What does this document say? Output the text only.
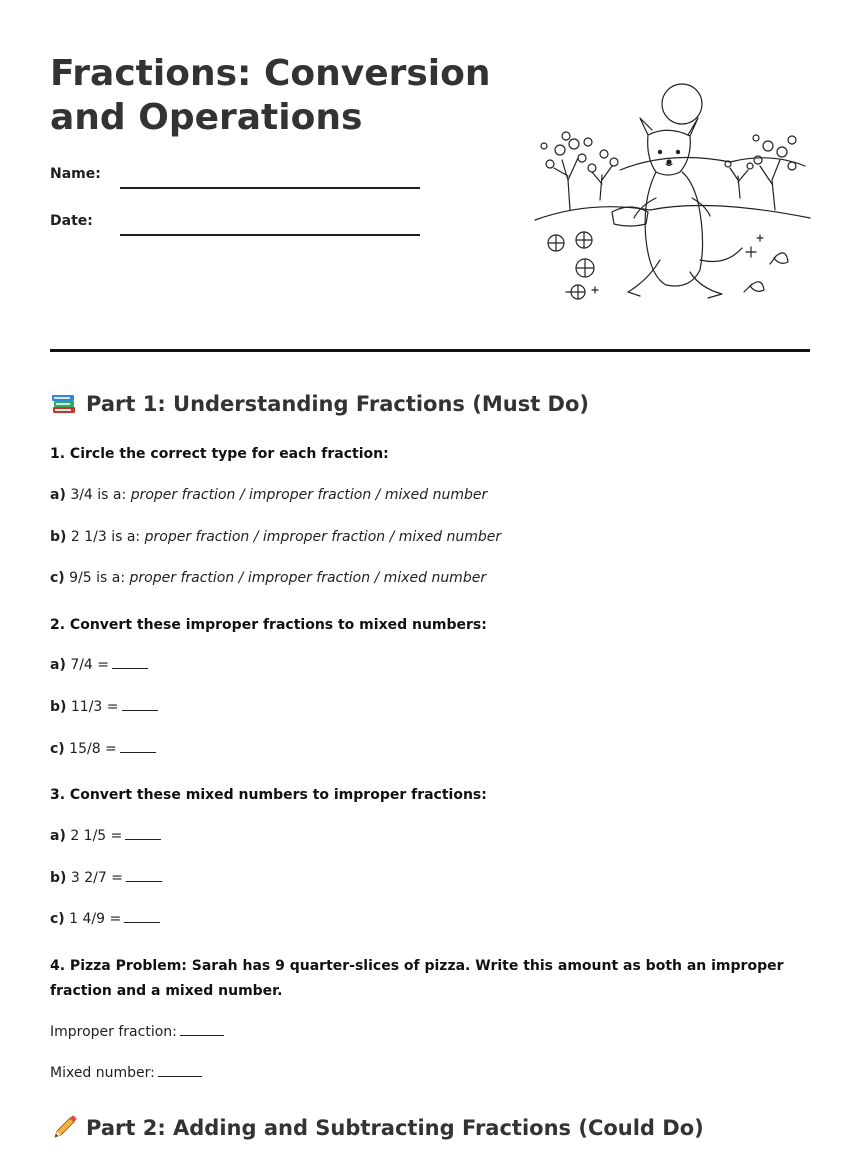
Fractions: Conversion and Operations
Name:
Date:
Part 1: Understanding Fractions (Must Do)
1. Circle the correct type for each fraction:
a) 3/4 is a: proper fraction / improper fraction / mixed number
b) 2 1/3 is a: proper fraction / improper fraction / mixed number
c) 9/5 is a: proper fraction / improper fraction / mixed number
2. Convert these improper fractions to mixed numbers:
a) 7/4 =
b) 11/3 =
c) 15/8 =
3. Convert these mixed numbers to improper fractions:
a) 2 1/5 =
b) 3 2/7 =
c) 1 4/9 =
4. Pizza Problem: Sarah has 9 quarter-slices of pizza. Write this amount as both an improper fraction and a mixed number.
Improper fraction:
Mixed number:
Part 2: Adding and Subtracting Fractions (Could Do)
